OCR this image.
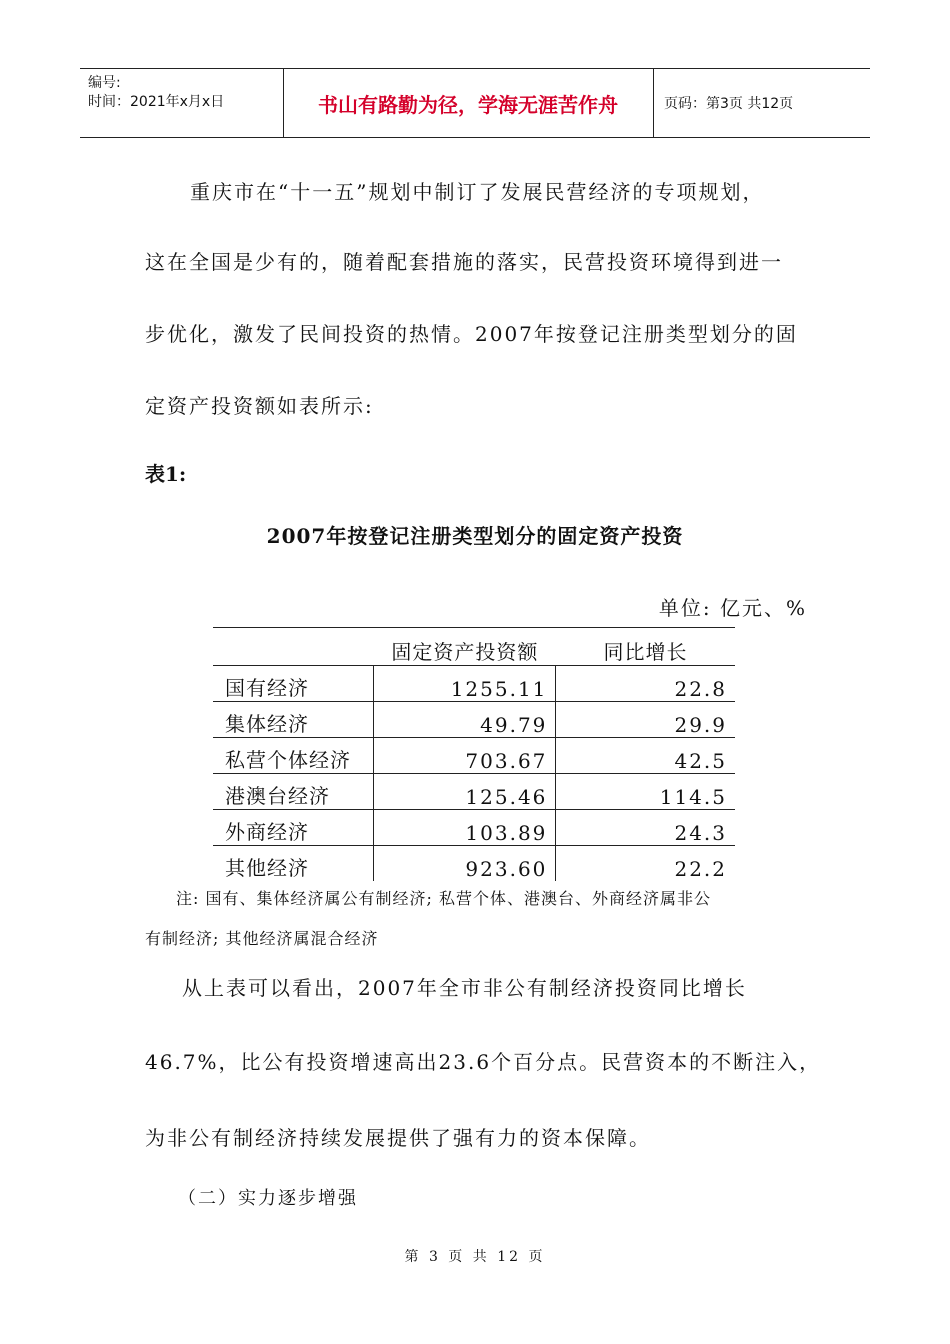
编号:
时间：2021年x月x日	书山有路勤为径，学海无涯苦作舟	页码：第3页 共12页
重庆市在“十一五”规划中制订了发展民营经济的专项规划，
这在全国是少有的，随着配套措施的落实，民营投资环境得到进一
步优化，激发了民间投资的热情。2007年按登记注册类型划分的固
定资产投资额如表所示:
表1:
2007年按登记注册类型划分的固定资产投资
单位: 亿元、%
	固定资产投资额	同比增长
国有经济	1255.11	22.8
集体经济	49.79	29.9
私营个体经济	703.67	42.5
港澳台经济	125.46	114.5
外商经济	103.89	24.3
其他经济	923.60	22.2
注: 国有、集体经济属公有制经济; 私营个体、港澳台、外商经济属非公
有制经济; 其他经济属混合经济
从上表可以看出，2007年全市非公有制经济投资同比增长
46.7%，比公有投资增速高出23.6个百分点。民营资本的不断注入，
为非公有制经济持续发展提供了强有力的资本保障。
（二）实力逐步增强
第 3 页 共 12 页
